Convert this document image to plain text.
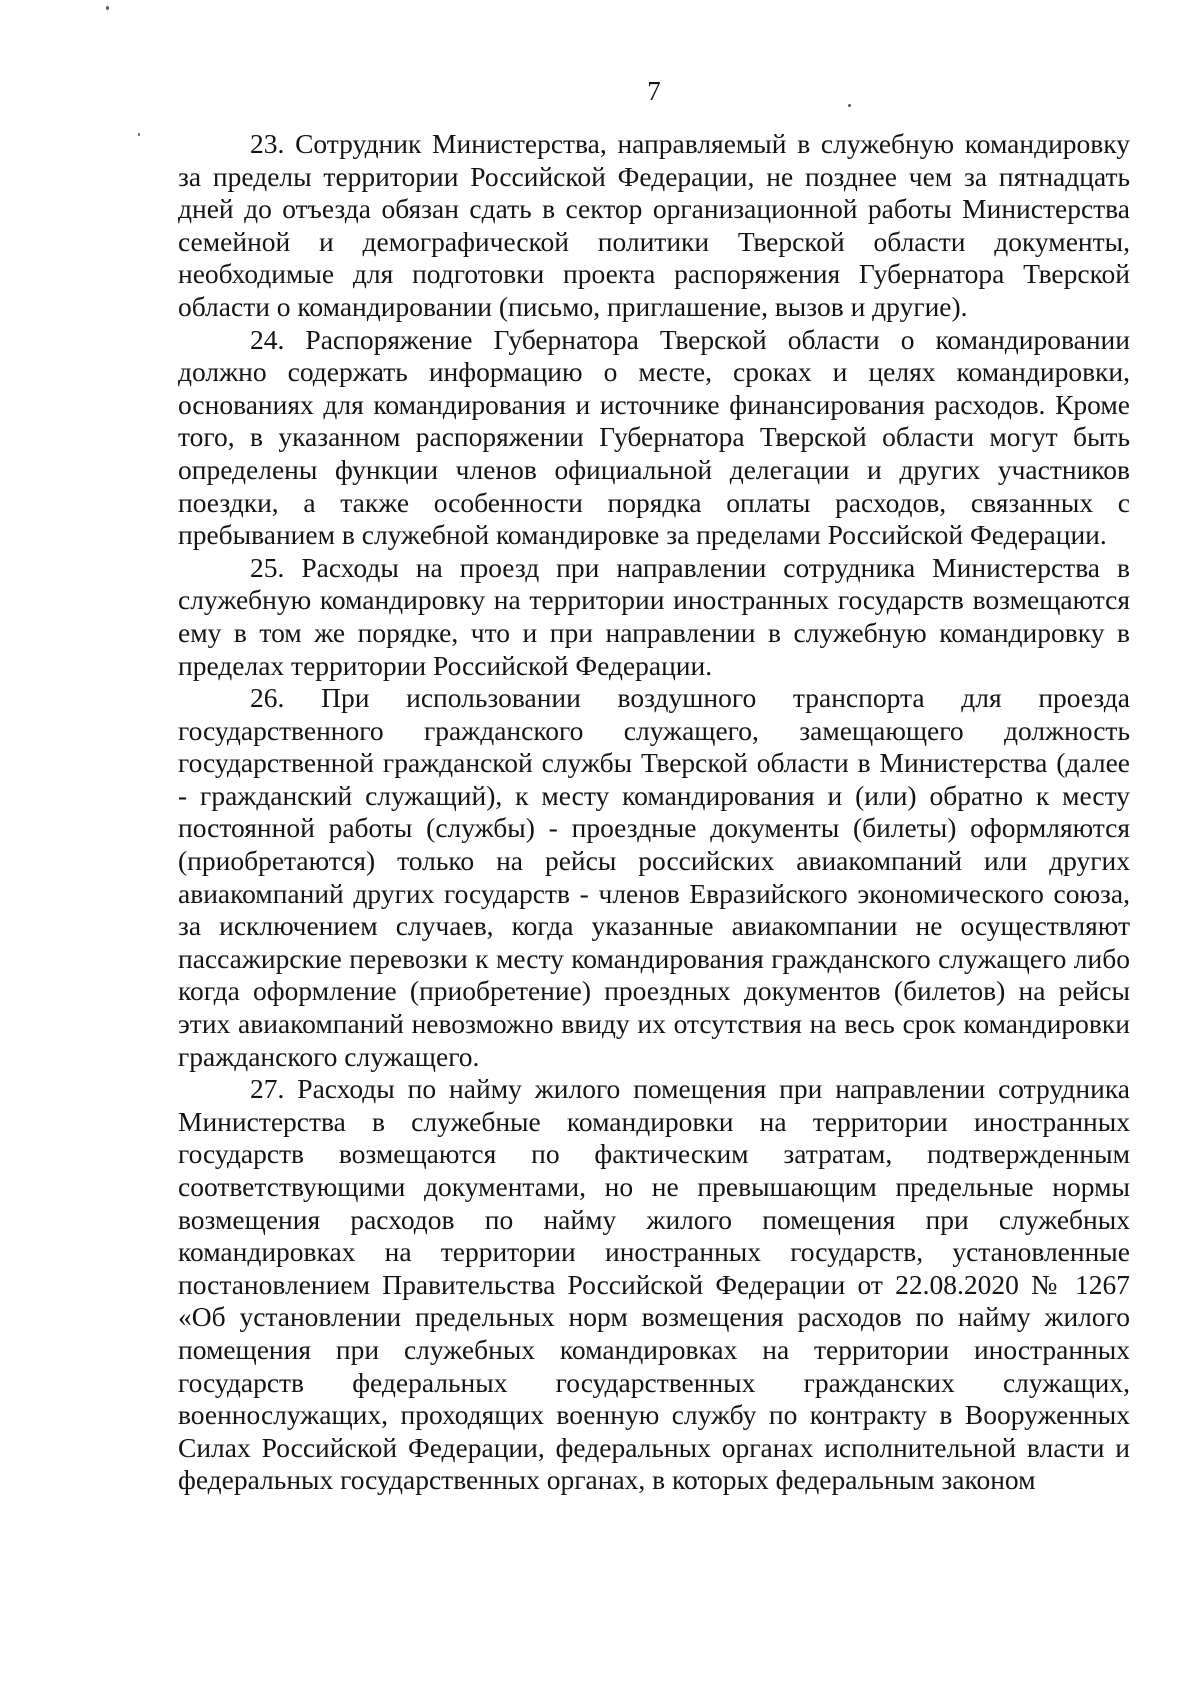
7

23. Сотрудник Министерства, направляемый в служебную командировку за пределы территории Российской Федерации, не позднее чем за пятнадцать дней до отъезда обязан сдать в сектор организационной работы Министерства семейной и демографической политики Тверской области документы, необходимые для подготовки проекта распоряжения Губернатора Тверской области о командировании (письмо, приглашение, вызов и другие).

24. Распоряжение Губернатора Тверской области о командировании должно содержать информацию о месте, сроках и целях командировки, основаниях для командирования и источнике финансирования расходов. Кроме того, в указанном распоряжении Губернатора Тверской области могут быть определены функции членов официальной делегации и других участников поездки, а также особенности порядка оплаты расходов, связанных с пребыванием в служебной командировке за пределами Российской Федерации.

25. Расходы на проезд при направлении сотрудника Министерства в служебную командировку на территории иностранных государств возмещаются ему в том же порядке, что и при направлении в служебную командировку в пределах территории Российской Федерации.

26. При использовании воздушного транспорта для проезда государственного гражданского служащего, замещающего должность государственной гражданской службы Тверской области в Министерства (далее - гражданский служащий), к месту командирования и (или) обратно к месту постоянной работы (службы) - проездные документы (билеты) оформляются (приобретаются) только на рейсы российских авиакомпаний или других авиакомпаний других государств - членов Евразийского экономического союза, за исключением случаев, когда указанные авиакомпании не осуществляют пассажирские перевозки к месту командирования гражданского служащего либо когда оформление (приобретение) проездных документов (билетов) на рейсы этих авиакомпаний невозможно ввиду их отсутствия на весь срок командировки гражданского служащего.

27. Расходы по найму жилого помещения при направлении сотрудника Министерства в служебные командировки на территории иностранных государств возмещаются по фактическим затратам, подтвержденным соответствующими документами, но не превышающим предельные нормы возмещения расходов по найму жилого помещения при служебных командировках на территории иностранных государств, установленные постановлением Правительства Российской Федерации от 22.08.2020 № 1267 «Об установлении предельных норм возмещения расходов по найму жилого помещения при служебных командировках на территории иностранных государств федеральных государственных гражданских служащих, военнослужащих, проходящих военную службу по контракту в Вооруженных Силах Российской Федерации, федеральных органах исполнительной власти и федеральных государственных органах, в которых федеральным законом
